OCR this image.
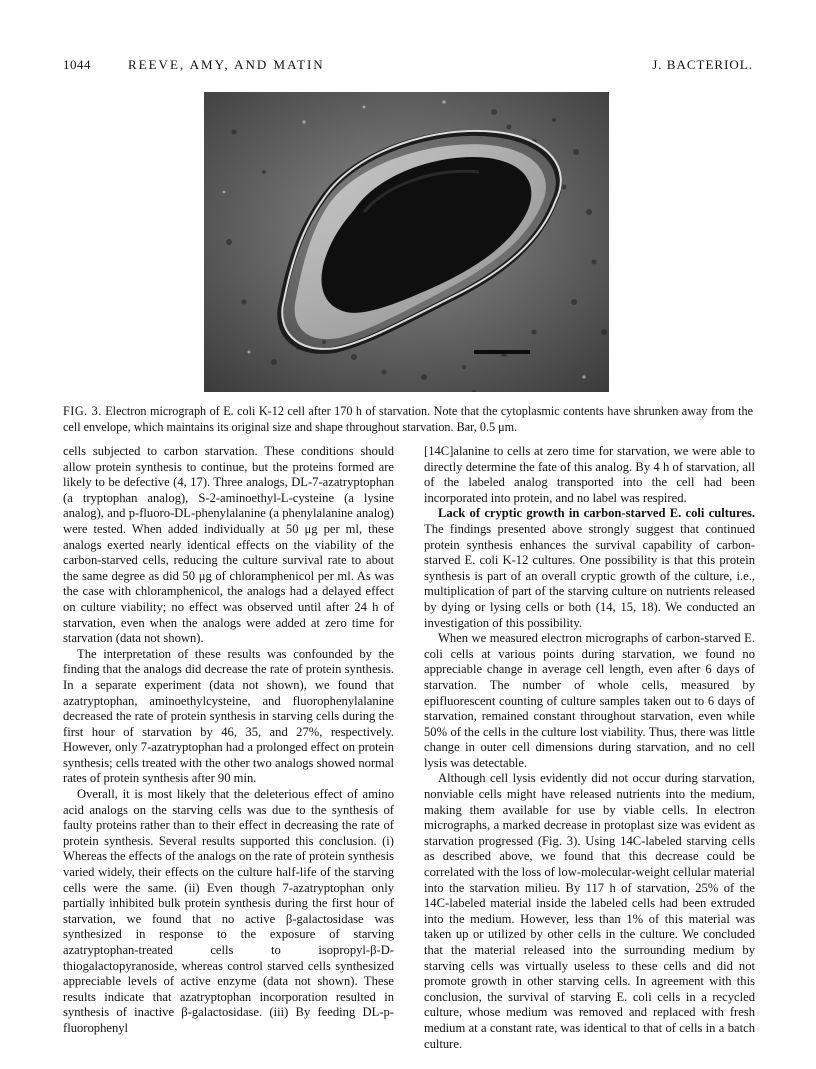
1044	REEVE, AMY, AND MATIN	J. BACTERIOL.
FIG. 3. Electron micrograph of E. coli K-12 cell after 170 h of starvation. Note that the cytoplasmic contents have shrunken away from the cell envelope, which maintains its original size and shape throughout starvation. Bar, 0.5 μm.

cells subjected to carbon starvation. These conditions should allow protein synthesis to continue, but the proteins formed are likely to be defective (4, 17). Three analogs, DL-7-azatryptophan (a tryptophan analog), S-2-aminoethyl-L-cysteine (a lysine analog), and p-fluoro-DL-phenylalanine (a phenylalanine analog) were tested. When added individually at 50 μg per ml, these analogs exerted nearly identical effects on the viability of the carbon-starved cells, reducing the culture survival rate to about the same degree as did 50 μg of chloramphenicol per ml. As was the case with chloramphenicol, the analogs had a delayed effect on culture viability; no effect was observed until after 24 h of starvation, even when the analogs were added at zero time for starvation (data not shown).

The interpretation of these results was confounded by the finding that the analogs did decrease the rate of protein synthesis. In a separate experiment (data not shown), we found that azatryptophan, aminoethylcysteine, and fluorophenylalanine decreased the rate of protein synthesis in starving cells during the first hour of starvation by 46, 35, and 27%, respectively. However, only 7-azatryptophan had a prolonged effect on protein synthesis; cells treated with the other two analogs showed normal rates of protein synthesis after 90 min.

Overall, it is most likely that the deleterious effect of amino acid analogs on the starving cells was due to the synthesis of faulty proteins rather than to their effect in decreasing the rate of protein synthesis. Several results supported this conclusion. (i) Whereas the effects of the analogs on the rate of protein synthesis varied widely, their effects on the culture half-life of the starving cells were the same. (ii) Even though 7-azatryptophan only partially inhibited bulk protein synthesis during the first hour of starvation, we found that no active β-galactosidase was synthesized in response to the exposure of starving azatryptophan-treated cells to isopropyl-β-D-thiogalactopyranoside, whereas control starved cells synthesized appreciable levels of active enzyme (data not shown). These results indicate that azatryptophan incorporation resulted in synthesis of inactive β-galactosidase. (iii) By feeding DL-p-fluorophenyl

[14C]alanine to cells at zero time for starvation, we were able to directly determine the fate of this analog. By 4 h of starvation, all of the labeled analog transported into the cell had been incorporated into protein, and no label was respired.

Lack of cryptic growth in carbon-starved E. coli cultures. The findings presented above strongly suggest that continued protein synthesis enhances the survival capability of carbon-starved E. coli K-12 cultures. One possibility is that this protein synthesis is part of an overall cryptic growth of the culture, i.e., multiplication of part of the starving culture on nutrients released by dying or lysing cells or both (14, 15, 18). We conducted an investigation of this possibility.

When we measured electron micrographs of carbon-starved E. coli cells at various points during starvation, we found no appreciable change in average cell length, even after 6 days of starvation. The number of whole cells, measured by epifluorescent counting of culture samples taken out to 6 days of starvation, remained constant throughout starvation, even while 50% of the cells in the culture lost viability. Thus, there was little change in outer cell dimensions during starvation, and no cell lysis was detectable.

Although cell lysis evidently did not occur during starvation, nonviable cells might have released nutrients into the medium, making them available for use by viable cells. In electron micrographs, a marked decrease in protoplast size was evident as starvation progressed (Fig. 3). Using 14C-labeled starving cells as described above, we found that this decrease could be correlated with the loss of low-molecular-weight cellular material into the starvation milieu. By 117 h of starvation, 25% of the 14C-labeled material inside the labeled cells had been extruded into the medium. However, less than 1% of this material was taken up or utilized by other cells in the culture. We concluded that the material released into the surrounding medium by starving cells was virtually useless to these cells and did not promote growth in other starving cells. In agreement with this conclusion, the survival of starving E. coli cells in a recycled culture, whose medium was removed and replaced with fresh medium at a constant rate, was identical to that of cells in a batch culture.
